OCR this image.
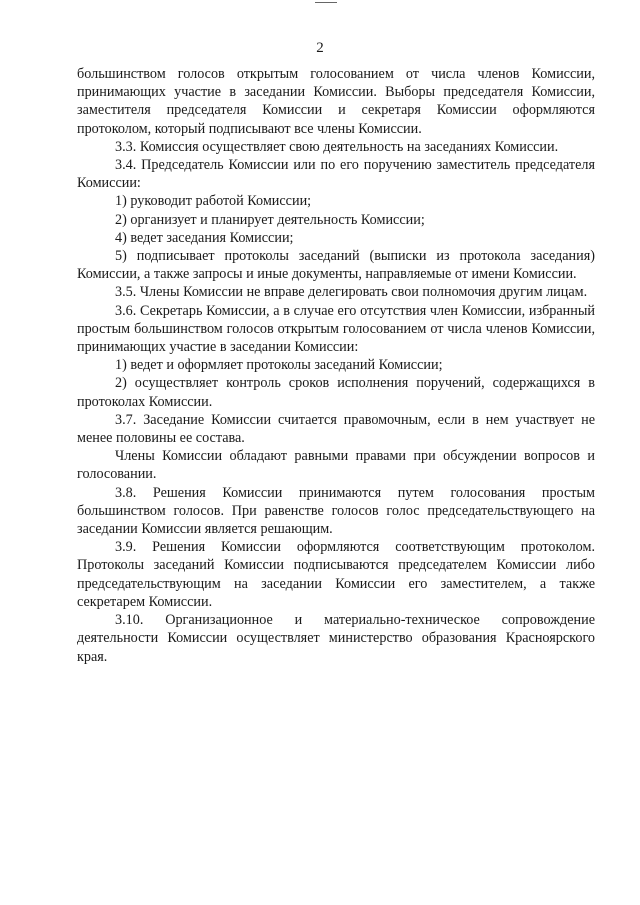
2

большинством голосов открытым голосованием от числа членов Комиссии, принимающих участие в заседании Комиссии. Выборы председателя Комиссии, заместителя председателя Комиссии и секретаря Комиссии оформляются протоколом, который подписывают все члены Комиссии.

3.3. Комиссия осуществляет свою деятельность на заседаниях Комиссии.

3.4. Председатель Комиссии или по его поручению заместитель председателя Комиссии:

1) руководит работой Комиссии;

2) организует и планирует деятельность Комиссии;

4) ведет заседания Комиссии;

5) подписывает протоколы заседаний (выписки из протокола заседания) Комиссии, а также запросы и иные документы, направляемые от имени Комиссии.

3.5. Члены Комиссии не вправе делегировать свои полномочия другим лицам.

3.6. Секретарь Комиссии, а в случае его отсутствия член Комиссии, избранный простым большинством голосов открытым голосованием от числа членов Комиссии, принимающих участие в заседании Комиссии:

1) ведет и оформляет протоколы заседаний Комиссии;

2) осуществляет контроль сроков исполнения поручений, содержащихся в протоколах Комиссии.

3.7. Заседание Комиссии считается правомочным, если в нем участвует не менее половины ее состава.

Члены Комиссии обладают равными правами при обсуждении вопросов и голосовании.

3.8. Решения Комиссии принимаются путем голосования простым большинством голосов. При равенстве голосов голос председательствующего на заседании Комиссии является решающим.

3.9. Решения Комиссии оформляются соответствующим протоколом. Протоколы заседаний Комиссии подписываются председателем Комиссии либо председательствующим на заседании Комиссии его заместителем, а также секретарем Комиссии.

3.10. Организационное и материально-техническое сопровождение деятельности Комиссии осуществляет министерство образования Красноярского края.
